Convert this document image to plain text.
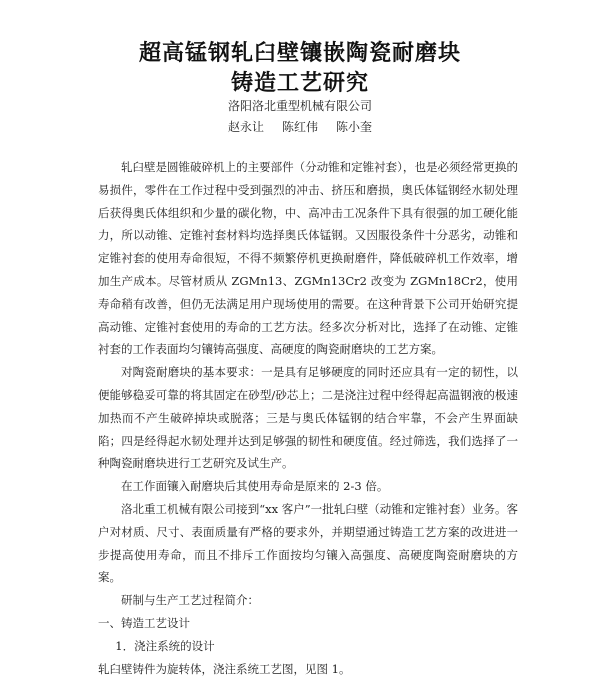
超高锰钢轧臼壁镶嵌陶瓷耐磨块
铸造工艺研究
洛阳洛北重型机械有限公司
赵永让 陈红伟 陈小奎

轧臼壁是圆锥破碎机上的主要部件（分动锥和定锥衬套），也是必须经常更换的易损件，零件在工作过程中受到强烈的冲击、挤压和磨损，奥氏体锰钢经水韧处理后获得奥氏体组织和少量的碳化物，中、高冲击工况条件下具有很强的加工硬化能力，所以动锥、定锥衬套材料均选择奥氏体锰钢。又因服役条件十分恶劣，动锥和定锥衬套的使用寿命很短，不得不频繁停机更换耐磨件，降低破碎机工作效率，增加生产成本。尽管材质从 ZGMn13、ZGMn13Cr2 改变为 ZGMn18Cr2，使用寿命稍有改善，但仍无法满足用户现场使用的需要。在这种背景下公司开始研究提高动锥、定锥衬套使用的寿命的工艺方法。经多次分析对比，选择了在动锥、定锥衬套的工作表面均匀镶铸高强度、高硬度的陶瓷耐磨块的工艺方案。

对陶瓷耐磨块的基本要求：一是具有足够硬度的同时还应具有一定的韧性，以便能够稳妥可靠的将其固定在砂型/砂芯上；二是浇注过程中经得起高温钢液的极速加热而不产生破碎掉块或脱落；三是与奥氏体锰钢的结合牢靠，不会产生界面缺陷；四是经得起水韧处理并达到足够强的韧性和硬度值。经过筛选，我们选择了一种陶瓷耐磨块进行工艺研究及试生产。

在工作面镶入耐磨块后其使用寿命是原来的 2-3 倍。

洛北重工机械有限公司接到“xx 客户”一批轧臼壁（动锥和定锥衬套）业务。客户对材质、尺寸、表面质量有严格的要求外，并期望通过铸造工艺方案的改进进一步提高使用寿命，而且不排斥工作面按均匀镶入高强度、高硬度陶瓷耐磨块的方案。

研制与生产工艺过程简介：

一、铸造工艺设计

1．浇注系统的设计

轧臼壁铸件为旋转体，浇注系统工艺图，见图 1。
